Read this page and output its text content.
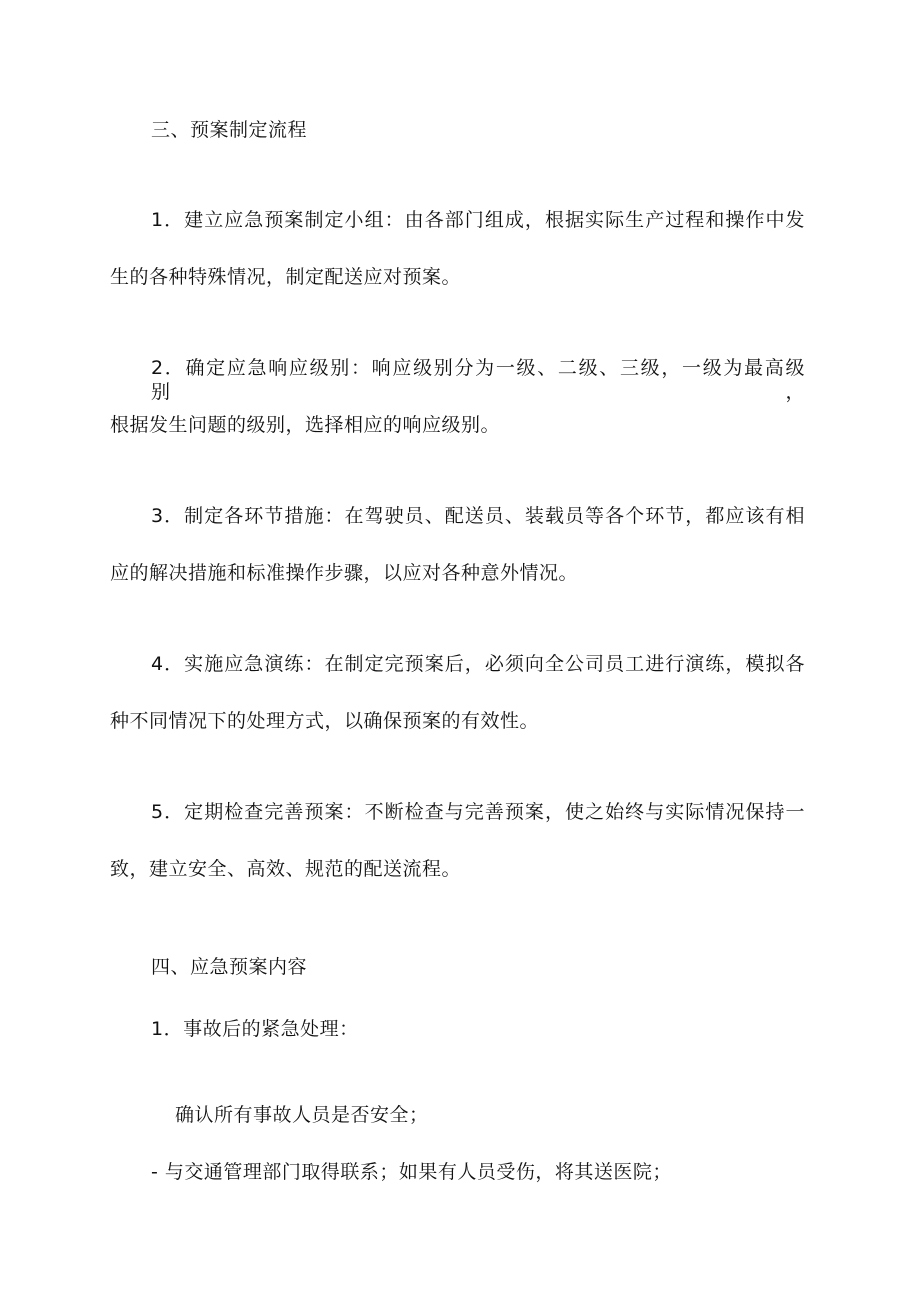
三、预案制定流程
1．建立应急预案制定小组：由各部门组成，根据实际生产过程和操作中发
生的各种特殊情况，制定配送应对预案。
2．确定应急响应级别：响应级别分为一级、二级、三级，一级为最高级别，
根据发生问题的级别，选择相应的响应级别。
3．制定各环节措施：在驾驶员、配送员、装载员等各个环节，都应该有相
应的解决措施和标准操作步骤，以应对各种意外情况。
4．实施应急演练：在制定完预案后，必须向全公司员工进行演练，模拟各
种不同情况下的处理方式，以确保预案的有效性。
5．定期检查完善预案：不断检查与完善预案，使之始终与实际情况保持一
致，建立安全、高效、规范的配送流程。
四、应急预案内容
1．事故后的紧急处理：
确认所有事故人员是否安全；
- 与交通管理部门取得联系；如果有人员受伤，将其送医院；
